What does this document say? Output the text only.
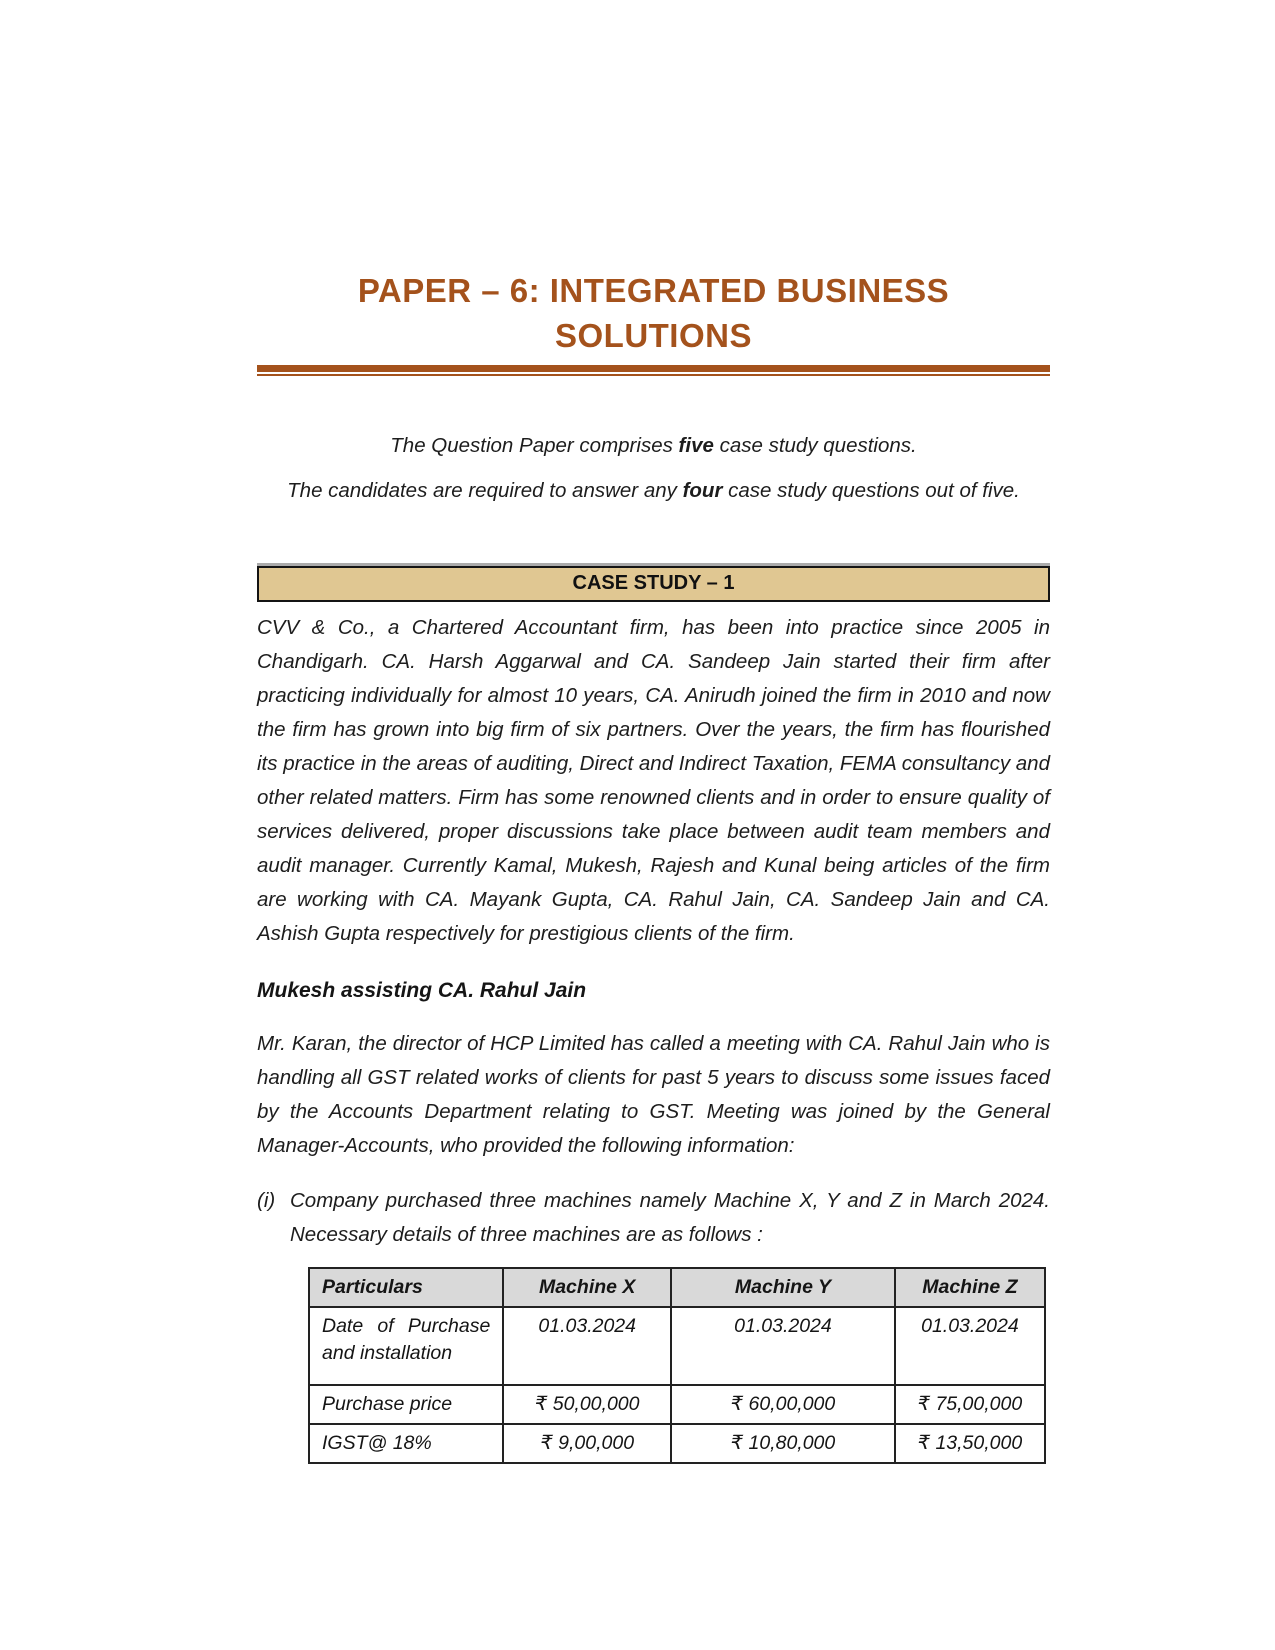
PAPER – 6: INTEGRATED BUSINESS
SOLUTIONS

The Question Paper comprises five case study questions.

The candidates are required to answer any four case study questions out of five.

CASE STUDY – 1

CVV & Co., a Chartered Accountant firm, has been into practice since 2005 in Chandigarh. CA. Harsh Aggarwal and CA. Sandeep Jain started their firm after practicing individually for almost 10 years, CA. Anirudh joined the firm in 2010 and now the firm has grown into big firm of six partners. Over the years, the firm has flourished its practice in the areas of auditing, Direct and Indirect Taxation, FEMA consultancy and other related matters. Firm has some renowned clients and in order to ensure quality of services delivered, proper discussions take place between audit team members and audit manager. Currently Kamal, Mukesh, Rajesh and Kunal being articles of the firm are working with CA. Mayank Gupta, CA. Rahul Jain, CA. Sandeep Jain and CA. Ashish Gupta respectively for prestigious clients of the firm.

Mukesh assisting CA. Rahul Jain

Mr. Karan, the director of HCP Limited has called a meeting with CA. Rahul Jain who is handling all GST related works of clients for past 5 years to discuss some issues faced by the Accounts Department relating to GST. Meeting was joined by the General Manager-Accounts, who provided the following information:

(i) Company purchased three machines namely Machine X, Y and Z in March 2024. Necessary details of three machines are as follows :
Particulars	Machine X	Machine Y	Machine Z
Date of Purchase and installation	01.03.2024	01.03.2024	01.03.2024
Purchase price	₹ 50,00,000	₹ 60,00,000	₹ 75,00,000
IGST@ 18%	₹ 9,00,000	₹ 10,80,000	₹ 13,50,000
